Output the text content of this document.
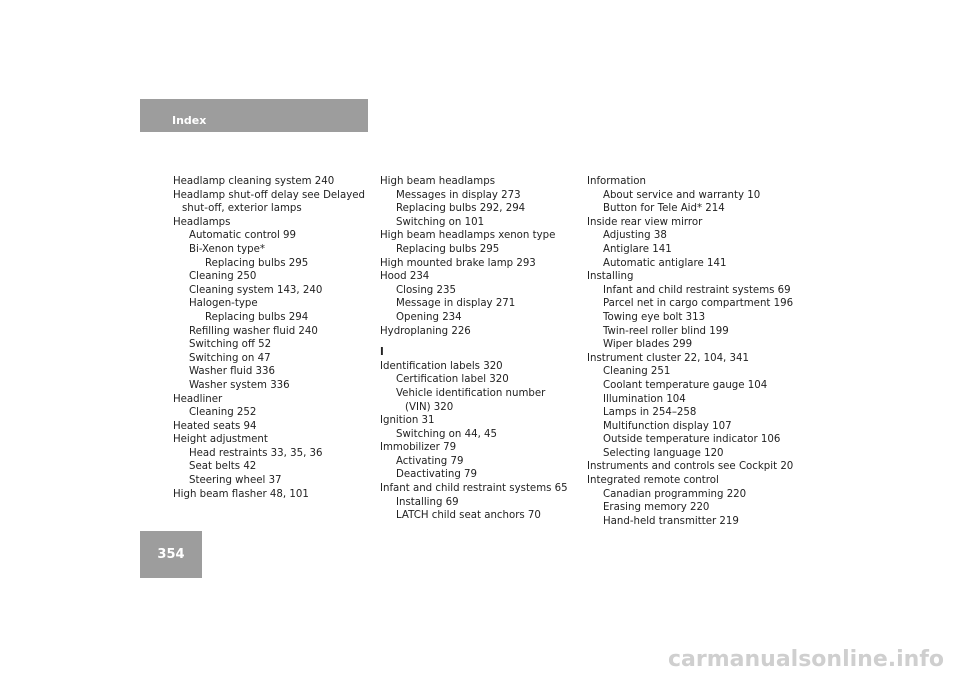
Index
Headlamp cleaning system 240
Headlamp shut-off delay see Delayed
shut-off, exterior lamps
Headlamps
Automatic control 99
Bi-Xenon type*
Replacing bulbs 295
Cleaning 250
Cleaning system 143, 240
Halogen-type
Replacing bulbs 294
Refilling washer fluid 240
Switching off 52
Switching on 47
Washer fluid 336
Washer system 336
Headliner
Cleaning 252
Heated seats 94
Height adjustment
Head restraints 33, 35, 36
Seat belts 42
Steering wheel 37
High beam flasher 48, 101
High beam headlamps
Messages in display 273
Replacing bulbs 292, 294
Switching on 101
High beam headlamps xenon type
Replacing bulbs 295
High mounted brake lamp 293
Hood 234
Closing 235
Message in display 271
Opening 234
Hydroplaning 226
I
Identification labels 320
Certification label 320
Vehicle identification number
(VIN) 320
Ignition 31
Switching on 44, 45
Immobilizer 79
Activating 79
Deactivating 79
Infant and child restraint systems 65
Installing 69
LATCH child seat anchors 70
Information
About service and warranty 10
Button for Tele Aid* 214
Inside rear view mirror
Adjusting 38
Antiglare 141
Automatic antiglare 141
Installing
Infant and child restraint systems 69
Parcel net in cargo compartment 196
Towing eye bolt 313
Twin-reel roller blind 199
Wiper blades 299
Instrument cluster 22, 104, 341
Cleaning 251
Coolant temperature gauge 104
Illumination 104
Lamps in 254–258
Multifunction display 107
Outside temperature indicator 106
Selecting language 120
Instruments and controls see Cockpit 20
Integrated remote control
Canadian programming 220
Erasing memory 220
Hand-held transmitter 219
354
carmanualsonline.info
